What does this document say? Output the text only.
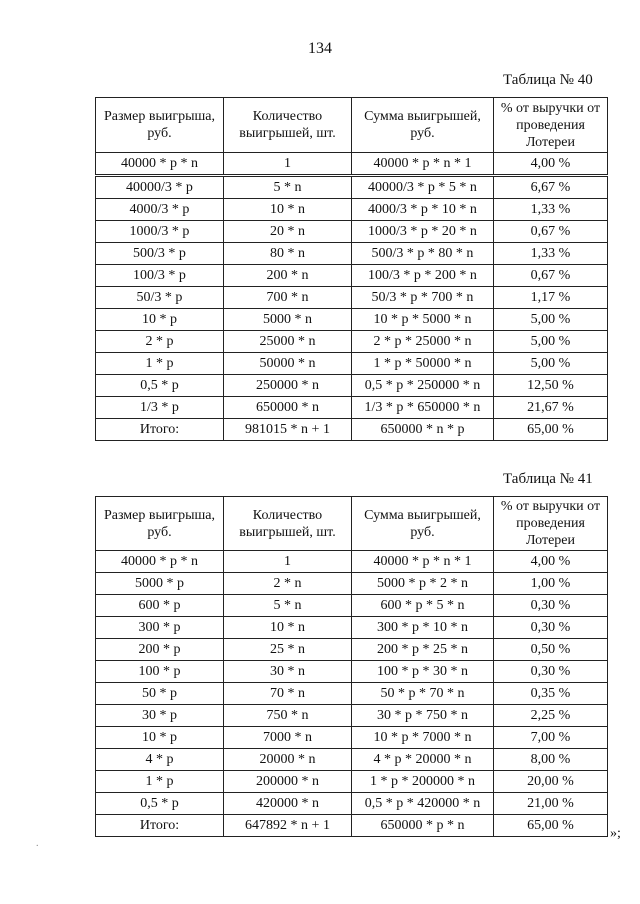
134
Таблица № 40
Размер выигрыша, руб.	Количество выигрышей, шт.	Сумма выигрышей, руб.	% от выручки от проведения Лотереи
40000 * p * n	1	40000 * p * n * 1	4,00 %
40000/3 * p	5 * n	40000/3 * p * 5 * n	6,67 %
4000/3 * p	10 * n	4000/3 * p * 10 * n	1,33 %
1000/3 * p	20 * n	1000/3 * p * 20 * n	0,67 %
500/3 * p	80 * n	500/3 * p * 80 * n	1,33 %
100/3 * p	200 * n	100/3 * p * 200 * n	0,67 %
50/3 * p	700 * n	50/3 * p * 700 * n	1,17 %
10 * p	5000 * n	10 * p * 5000 * n	5,00 %
2 * p	25000 * n	2 * p * 25000 * n	5,00 %
1 * p	50000 * n	1 * p * 50000 * n	5,00 %
0,5 * p	250000 * n	0,5 * p * 250000 * n	12,50 %
1/3 * p	650000 * n	1/3 * p * 650000 * n	21,67 %
Итого:	981015 * n + 1	650000 * n * p	65,00 %
Таблица № 41
Размер выигрыша, руб.	Количество выигрышей, шт.	Сумма выигрышей, руб.	% от выручки от проведения Лотереи
40000 * p * n	1	40000 * p * n * 1	4,00 %
5000 * p	2 * n	5000 * p * 2 * n	1,00 %
600 * p	5 * n	600 * p * 5 * n	0,30 %
300 * p	10 * n	300 * p * 10 * n	0,30 %
200 * p	25 * n	200 * p * 25 * n	0,50 %
100 * p	30 * n	100 * p * 30 * n	0,30 %
50 * p	70 * n	50 * p * 70 * n	0,35 %
30 * p	750 * n	30 * p * 750 * n	2,25 %
10 * p	7000 * n	10 * p * 7000 * n	7,00 %
4 * p	20000 * n	4 * p * 20000 * n	8,00 %
1 * p	200000 * n	1 * p * 200000 * n	20,00 %
0,5 * p	420000 * n	0,5 * p * 420000 * n	21,00 %
Итого:	647892 * n + 1	650000 * p * n	65,00 %
»;
.
